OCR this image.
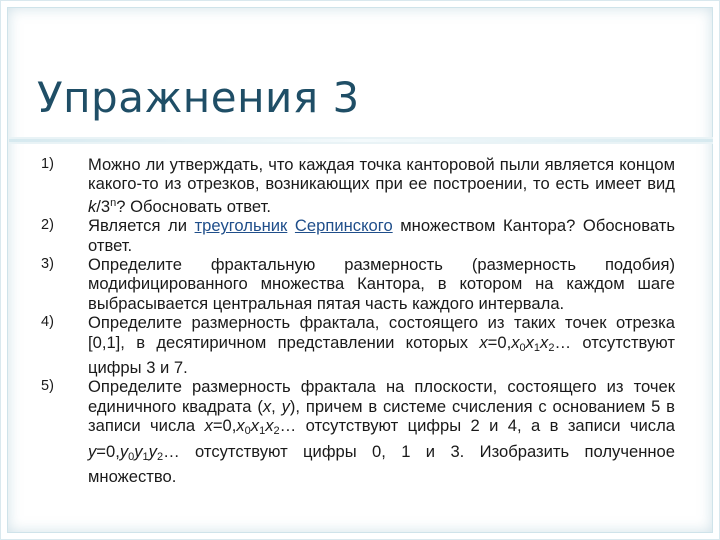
Упражнения 3
1)	Можно ли утверждать, что каждая точка канторовой пыли является концом какого-то из отрезков, возникающих при ее построении, то есть имеет вид k/3$^n$? Обосновать ответ.
2)	Является ли треугольник Серпинского множеством Кантора? Обосновать ответ.
3)	Определите фрактальную размерность (размерность подобия) модифицированного множества Кантора, в котором на каждом шаге выбрасывается центральная пятая часть каждого интервала.
4)	Определите размерность фрактала, состоящего из таких точек отрезка [0,1], в десятиричном представлении которых $x=0,x_0x_1x_2\dots$ отсутствуют цифры 3 и 7.
5)	Определите размерность фрактала на плоскости, состоящего из точек единичного квадрата (x, y), причем в системе счисления с основанием 5 в записи числа $x=0,x_0x_1x_2\dots$ отсутствуют цифры 2 и 4, а в записи числа $y=0,y_0y_1y_2\dots$ отсутствуют цифры 0, 1 и 3. Изобразить полученное множество.
